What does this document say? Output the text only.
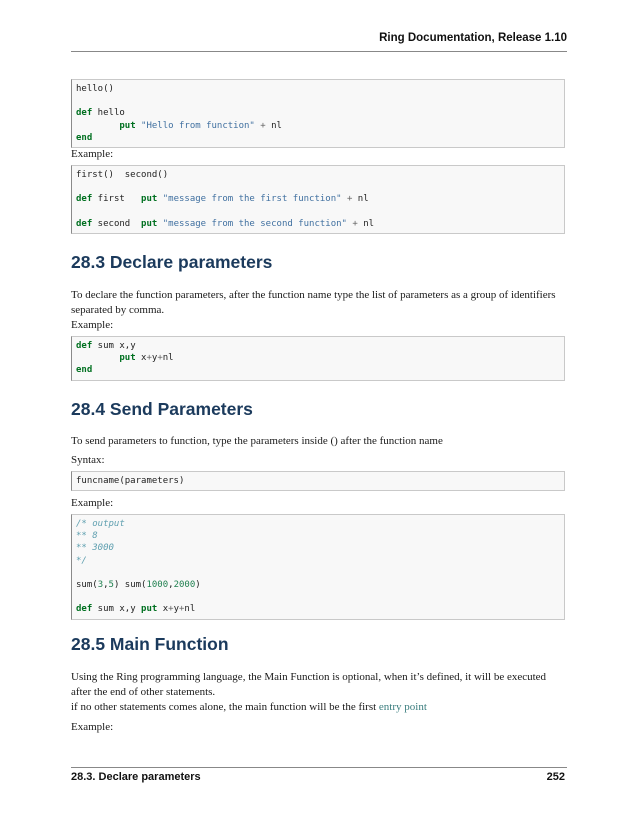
Ring Documentation, Release 1.10
hello()
def hello
put "Hello from function" + nl
end
Example:
first()  second()
def first   put "message from the first function" + nl
def second  put "message from the second function" + nl
28.3 Declare parameters
To declare the function parameters, after the function name type the list of parameters as a group of identifiers separated by comma.
Example:
def sum x,y
put x+y+nl
end
28.4 Send Parameters
To send parameters to function, type the parameters inside () after the function name
Syntax:
funcname(parameters)
Example:
/* output
** 8
** 3000
*/
sum(3,5) sum(1000,2000)
def sum x,y put x+y+nl
28.5 Main Function
Using the Ring programming language, the Main Function is optional, when it’s defined, it will be executed after the end of other statements.
if no other statements comes alone, the main function will be the first entry point
Example:
28.3. Declare parameters	252
